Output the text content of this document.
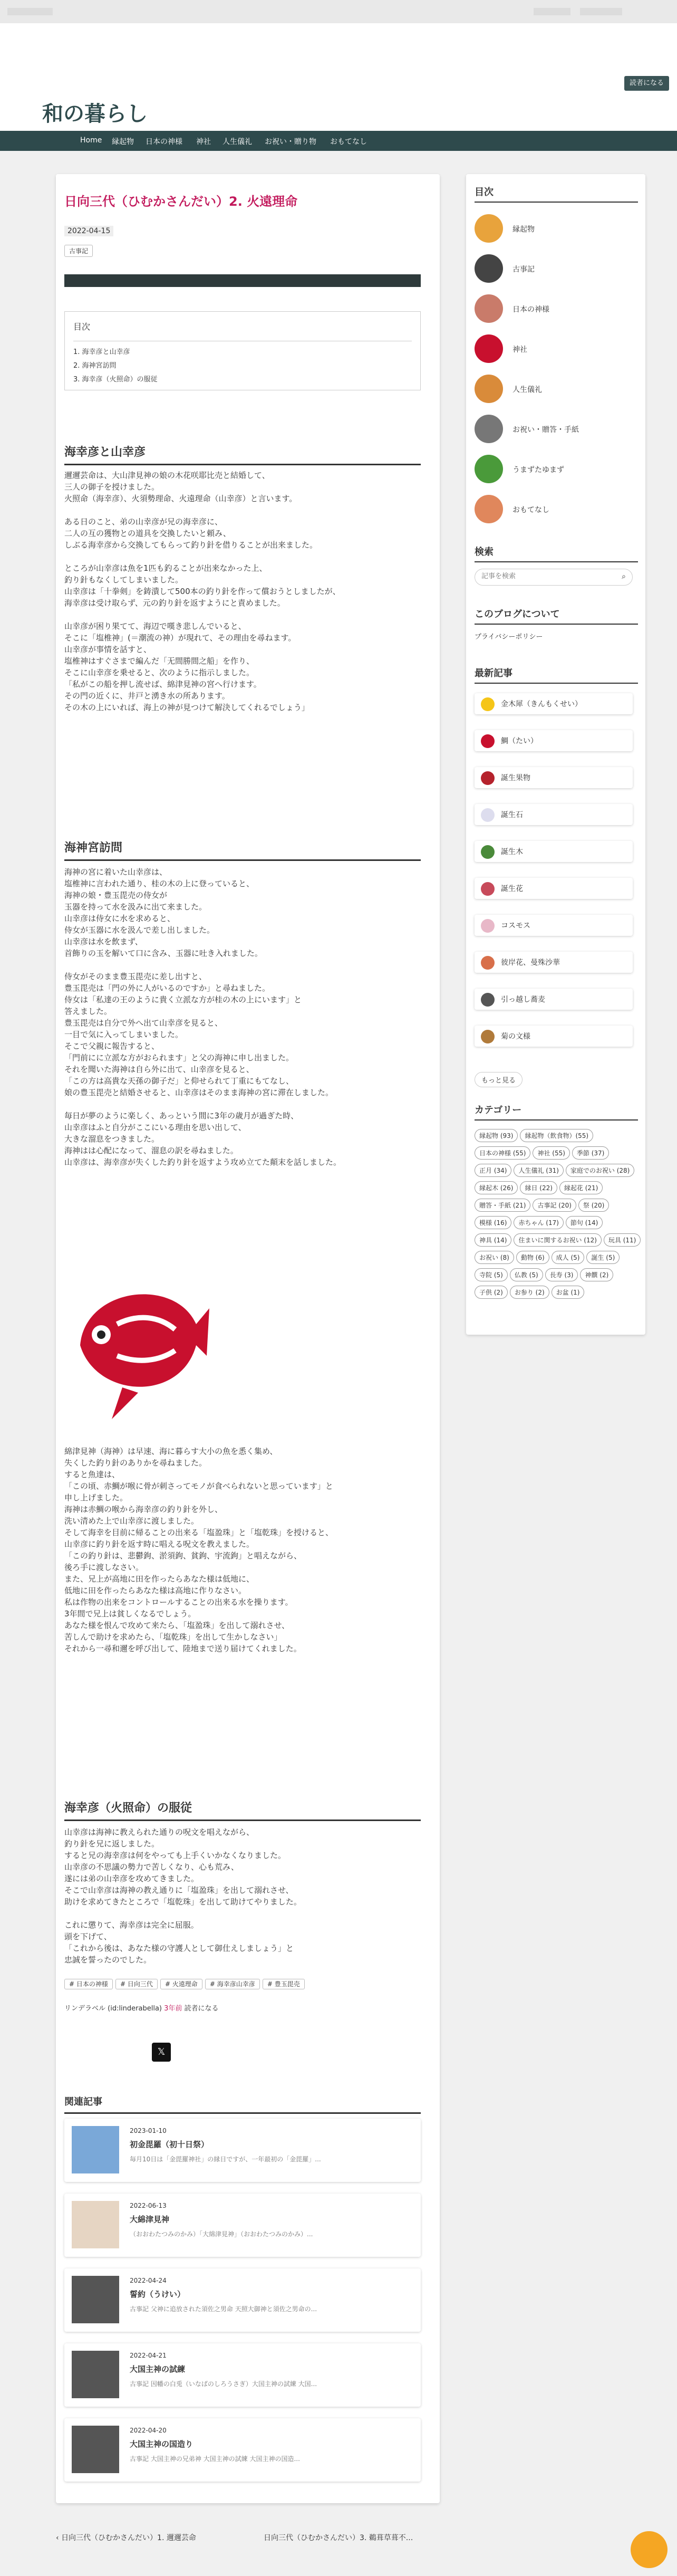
和の暮らし
読者になる
Home 縁起物 日本の神様 神社 人生儀礼 お祝い・贈り物 おもてなし
日向三代（ひむかさんだい）2. 火遠理命
2022-04-15
古事記
目次
1. 海幸彦と山幸彦
2. 海神宮訪問
3. 海幸彦（火照命）の服従
海幸彦と山幸彦
邇邇芸命は、大山津見神の娘の木花咲耶比売と結婚して、
三人の御子を授けました。
火照命（海幸彦）、火須勢理命、火遠理命（山幸彦）と言います。
ある日のこと、弟の山幸彦が兄の海幸彦に、
二人の互の獲物との道具を交換したいと頼み、
しぶる海幸彦から交換してもらって釣り針を借りることが出来ました。
ところが山幸彦は魚を1匹も釣ることが出来なかった上、
釣り針もなくしてしまいました。
山幸彦は「十拳剣」を鋳潰して500本の釣り針を作って償おうとしましたが、
海幸彦は受け取らず、元の釣り針を返すようにと責めました。
山幸彦が困り果てて、海辺で嘆き悲しんでいると、
そこに「塩椎神」(＝潮流の神）が現れて、その理由を尋ねます。
山幸彦が事情を話すと、
塩椎神はすぐさまで編んだ「无間勝間之船」を作り、
そこに山幸彦を乗せると、次のように指示しました。
「私がこの船を押し流せば、綿津見神の宮へ行けます。
その門の近くに、井戸と湧き水の所あります。
その木の上にいれば、海上の神が見つけて解決してくれるでしょう」
海神宮訪問
海神の宮に着いた山幸彦は、
塩椎神に言われた通り、桂の木の上に登っていると、
海神の娘・豊玉毘売の侍女が
玉器を持って水を汲みに出て来ました。
山幸彦は侍女に水を求めると、
侍女が玉器に水を汲んで差し出しました。
山幸彦は水を飲まず、
首飾りの玉を解いて口に含み、玉器に吐き入れました。
侍女がそのまま豊玉毘売に差し出すと、
豊玉毘売は「門の外に人がいるのですか」と尋ねました。
侍女は「私達の王のように貴く立派な方が桂の木の上にいます」と
答えました。
豊玉毘売は自分で外へ出て山幸彦を見ると、
一目で気に入ってしまいました。
そこで父親に報告すると、
「門前にに立派な方がおられます」と父の海神に申し出ました。
それを聞いた海神は自ら外に出て、山幸彦を見ると、
「この方は高貴な天孫の御子だ」と仰せられて丁重にもてなし、
娘の豊玉毘売と結婚させると、山幸彦はそのまま海神の宮に滞在しました。
毎日が夢のように楽しく、あっという間に3年の歳月が過ぎた時、
山幸彦はふと自分がここにいる理由を思い出して、
大きな溜息をつきました。
海神はは心配になって、溜息の訳を尋ねました。
山幸彦は、海幸彦が失くした釣り針を返すよう攻め立てた顛末を話しました。
綿津見神（海神）は早速、海に暮らす大小の魚を悉く集め、
失くした釣り針のありかを尋ねました。
すると魚達は、
「この頃、赤鯛が喉に骨が刺さってモノが食べられないと思っています」と
申し上げました。
海神は赤鯛の喉から海幸彦の釣り針を外し、
洗い清めた上で山幸彦に渡しました。
そして海幸を目前に帰ることの出来る「塩盈珠」と「塩乾珠」を授けると、
山幸彦に釣り針を返す時に唱える呪文を教えました。
「この釣り針は、悲鬱鉤、淤須鉤、貧鉤、宇流鉤」と唱えながら、
後ろ手に渡しなさい。
また、兄上が高地に田を作ったらあなた様は低地に、
低地に田を作ったらあなた様は高地に作りなさい。
私は作物の出来をコントロールすることの出来る水を操ります。
3年間で兄上は貧しくなるでしょう。
あなた様を恨んで攻めて来たら、「塩盈珠」を出して溺れさせ、
苦しんで助けを求めたら、「塩乾珠」を出して生かしなさい」
それから一尋和邇を呼び出して、陸地まで送り届けてくれました。
海幸彦（火照命）の服従
山幸彦は海神に教えられた通りの呪文を唱えながら、
釣り針を兄に返しました。
すると兄の海幸彦は何をやっても上手くいかなくなりました。
山幸彦の不思議の勢力で苦しくなり、心も荒み、
遂には弟の山幸彦を攻めてきました。
そこで山幸彦は海神の教え通りに「塩盈珠」を出して溺れさせ、
助けを求めてきたところで「塩乾珠」を出して助けてやりました。
これに懲りて、海幸彦は完全に屈服。
頭を下げて、
「これから後は、あなた様の守護人として御仕えしましょう」と
忠誠を誓ったのでした。
# 日本の神様 # 日向三代 # 火遠理命 # 海幸彦山幸彦 # 豊玉毘売
リンデラベル (id:linderabella) 3年前 読者になる
𝕏
関連記事
2023-01-10
初金毘羅（初十日祭）
毎月10日は「金毘羅神社」の縁日ですが、一年最初の「金毘羅」...
2022-06-13
大綿津見神
（おおわたつみのかみ）「大綿津見神」（おおわたつみのかみ）...
2022-04-24
誓約（うけい）
古事記 父神に追放された須佐之男命 天照大御神と須佐之男命の...
2022-04-21
大国主神の試練
古事記 因幡の白兎（いなばのしろうさぎ）大国主神の試練 大国...
2022-04-20
大国主神の国造り
古事記 大国主神の兄弟神 大国主神の試練 大国主神の国造...
‹ 日向三代（ひむかさんだい）1. 邇邇芸命	日向三代（ひむかさんだい）3. 鵜葺草葺不...
目次
縁起物
古事記
日本の神様
神社
人生儀礼
お祝い・贈答・手紙
うまずたゆまず
おもてなし
検索
記事を検索
⌕
このブログについて
プライバシーポリシー
最新記事
金木犀（きんもくせい）
鯛（たい）
誕生果物
誕生石
誕生木
誕生花
コスモス
彼岸花、曼殊沙華
引っ越し蕎麦
菊の文様
もっと見る
カテゴリー
縁起物 (93) 縁起物（飲食物）(55)日本の神様 (55) 神社 (55) 季節 (37)正月 (34) 人生儀礼 (31) 家庭でのお祝い (28)縁起木 (26) 縁日 (22) 縁起花 (21)贈答・手紙 (21) 古事記 (20) 祭 (20)模様 (16) 赤ちゃん (17) 節句 (14)神具 (14) 住まいに関するお祝い (12) 玩具 (11)お祝い (8) 動物 (6) 成人 (5) 誕生 (5)寺院 (5) 仏教 (5) 長寿 (3) 神饌 (2)子供 (2) お参り (2) お盆 (1)
